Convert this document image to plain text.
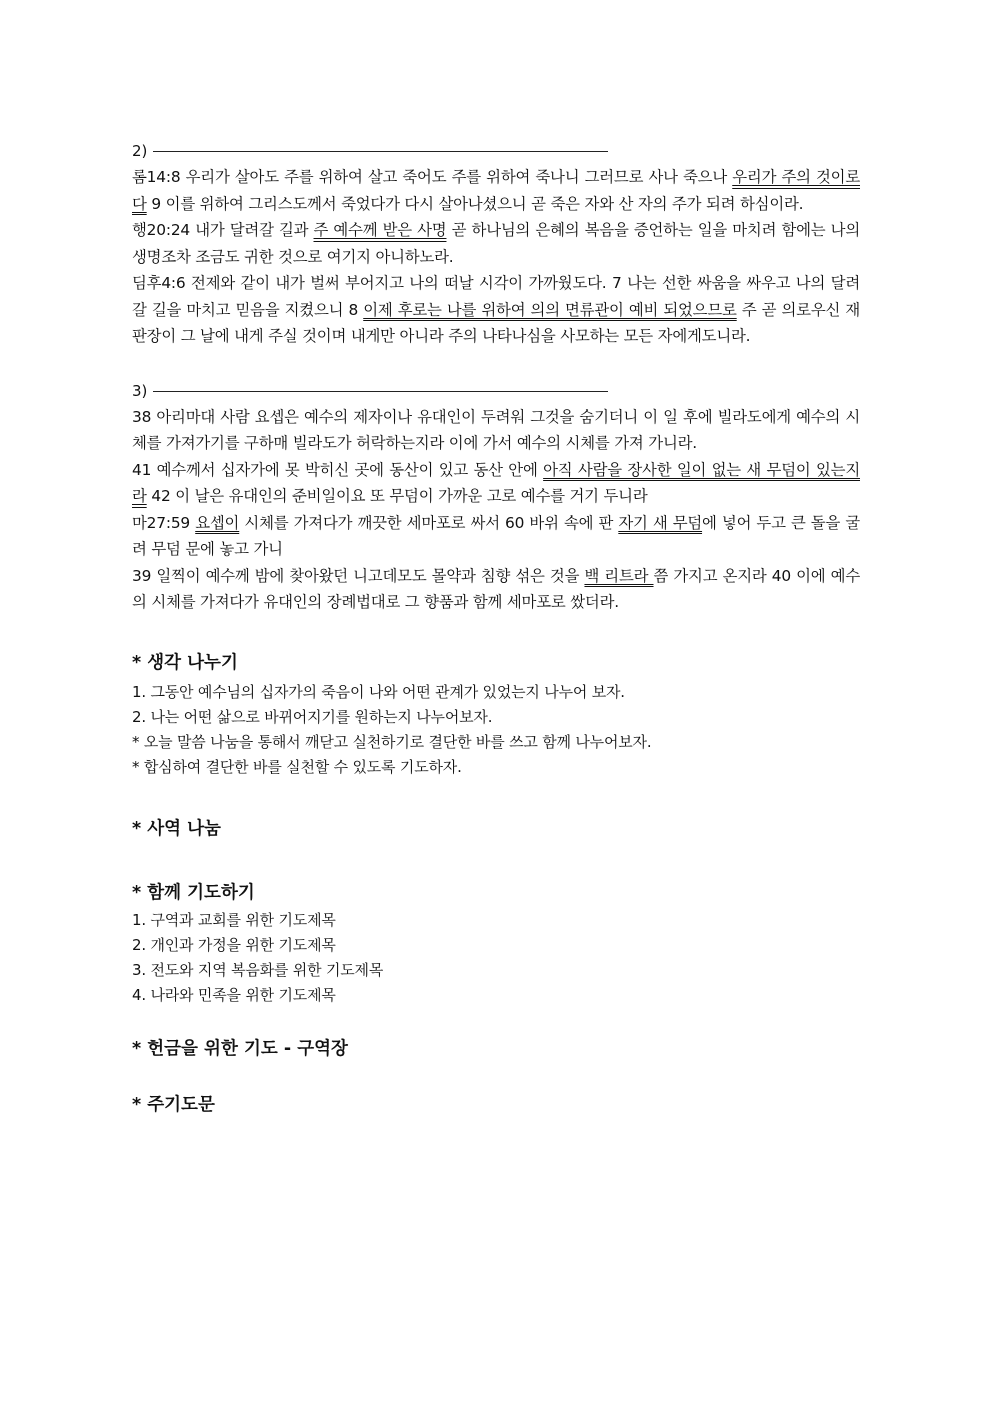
2)

롬14:8 우리가 살아도 주를 위하여 살고 죽어도 주를 위하여 죽나니 그러므로 사나 죽으나 우리가 주의 것이로다 9 이를 위하여 그리스도께서 죽었다가 다시 살아나셨으니 곧 죽은 자와 산 자의 주가 되려 하심이라.

행20:24 내가 달려갈 길과 주 예수께 받은 사명 곧 하나님의 은혜의 복음을 증언하는 일을 마치려 함에는 나의 생명조차 조금도 귀한 것으로 여기지 아니하노라.

딤후4:6 전제와 같이 내가 벌써 부어지고 나의 떠날 시각이 가까웠도다. 7 나는 선한 싸움을 싸우고 나의 달려갈 길을 마치고 믿음을 지켰으니 8 이제 후로는 나를 위하여 의의 면류관이 예비 되었으므로 주 곧 의로우신 재판장이 그 날에 내게 주실 것이며 내게만 아니라 주의 나타나심을 사모하는 모든 자에게도니라.

3)

38 아리마대 사람 요셉은 예수의 제자이나 유대인이 두려워 그것을 숨기더니 이 일 후에 빌라도에게 예수의 시체를 가져가기를 구하매 빌라도가 허락하는지라 이에 가서 예수의 시체를 가져 가니라.

41 예수께서 십자가에 못 박히신 곳에 동산이 있고 동산 안에 아직 사람을 장사한 일이 없는 새 무덤이 있는지라 42 이 날은 유대인의 준비일이요 또 무덤이 가까운 고로 예수를 거기 두니라

마27:59 요셉이 시체를 가져다가 깨끗한 세마포로 싸서 60 바위 속에 판 자기 새 무덤에 넣어 두고 큰 돌을 굴려 무덤 문에 놓고 가니

39 일찍이 예수께 밤에 찾아왔던 니고데모도 몰약과 침향 섞은 것을 백 리트라 쯤 가지고 온지라 40 이에 예수의 시체를 가져다가 유대인의 장례법대로 그 향품과 함께 세마포로 쌌더라.

* 생각 나누기

1. 그동안 예수님의 십자가의 죽음이 나와 어떤 관계가 있었는지 나누어 보자.

2. 나는 어떤 삶으로 바뀌어지기를 원하는지 나누어보자.

* 오늘 말씀 나눔을 통해서 깨닫고 실천하기로 결단한 바를 쓰고 함께 나누어보자.

* 합심하여 결단한 바를 실천할 수 있도록 기도하자.

* 사역 나눔

* 함께 기도하기

1. 구역과 교회를 위한 기도제목

2. 개인과 가정을 위한 기도제목

3. 전도와 지역 복음화를 위한 기도제목

4. 나라와 민족을 위한 기도제목

* 헌금을 위한 기도 - 구역장

* 주기도문
